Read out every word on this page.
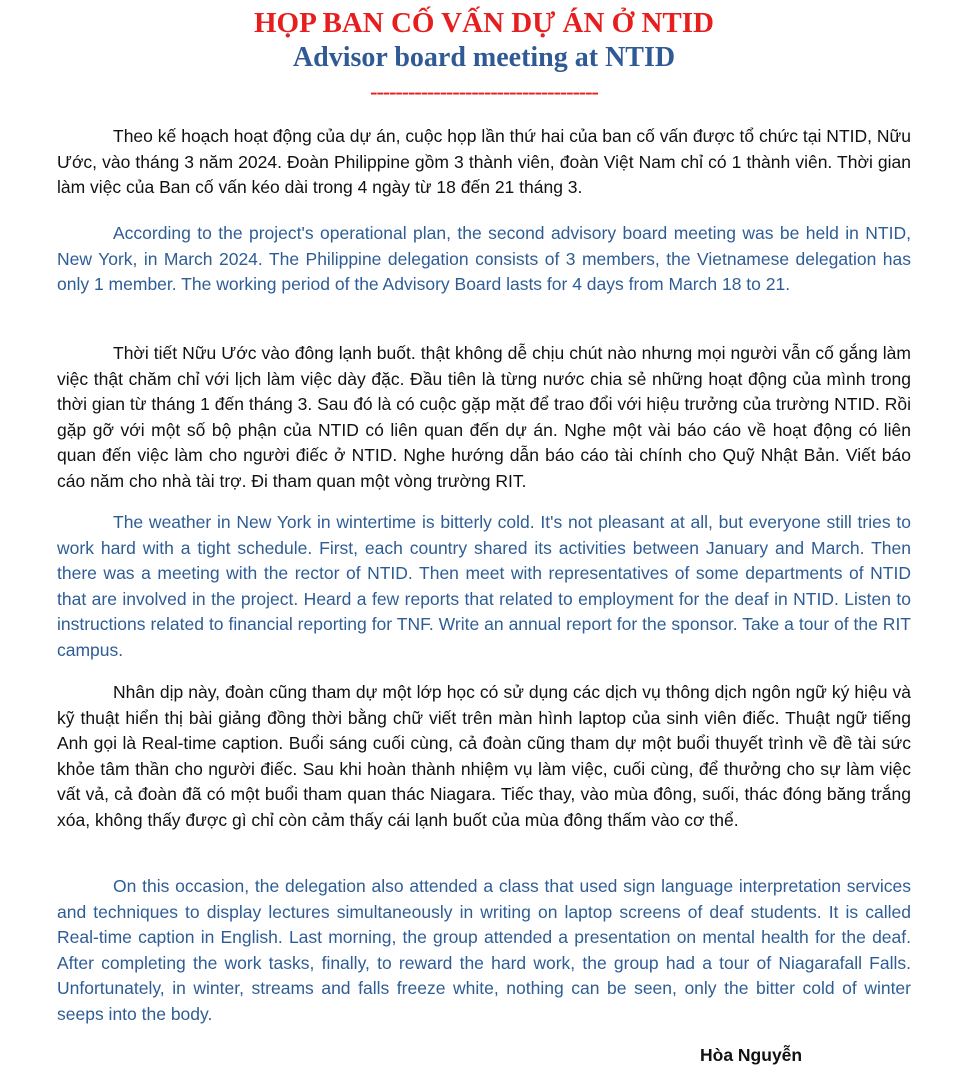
HỌP BAN CỐ VẤN DỰ ÁN Ở NTID
Advisor board meeting at NTID
------------------------------------

Theo kế hoạch hoạt động của dự án, cuộc họp lần thứ hai của ban cố vấn được tổ chức tại NTID, Nữu Ước, vào tháng 3 năm 2024. Đoàn Philippine gồm 3 thành viên, đoàn Việt Nam chỉ có 1 thành viên. Thời gian làm việc của Ban cố vấn kéo dài trong 4 ngày từ 18 đến 21 tháng 3.

According to the project's operational plan, the second advisory board meeting was be held in NTID, New York, in March 2024. The Philippine delegation consists of 3 members, the Vietnamese delegation has only 1 member. The working period of the Advisory Board lasts for 4 days from March 18 to 21.

Thời tiết Nữu Ước vào đông lạnh buốt. thật không dễ chịu chút nào nhưng mọi người vẫn cố gắng làm việc thật chăm chỉ với lịch làm việc dày đặc. Đầu tiên là từng nước chia sẻ những hoạt động của mình trong thời gian từ tháng 1 đến tháng 3. Sau đó là có cuộc gặp mặt để trao đổi với hiệu trưởng của trường NTID. Rồi gặp gỡ với một số bộ phận của NTID có liên quan đến dự án. Nghe một vài báo cáo về hoạt động có liên quan đến việc làm cho người điếc ở NTID. Nghe hướng dẫn báo cáo tài chính cho Quỹ Nhật Bản. Viết báo cáo năm cho nhà tài trợ. Đi tham quan một vòng trường RIT.

The weather in New York in wintertime is bitterly cold. It's not pleasant at all, but everyone still tries to work hard with a tight schedule. First, each country shared its activities between January and March. Then there was a meeting with the rector of NTID. Then meet with representatives of some departments of NTID that are involved in the project. Heard a few reports that related to employment for the deaf in NTID. Listen to instructions related to financial reporting for TNF. Write an annual report for the sponsor. Take a tour of the RIT campus.

Nhân dịp này, đoàn cũng tham dự một lớp học có sử dụng các dịch vụ thông dịch ngôn ngữ ký hiệu và kỹ thuật hiển thị bài giảng đồng thời bằng chữ viết trên màn hình laptop của sinh viên điếc. Thuật ngữ tiếng Anh gọi là Real-time caption. Buổi sáng cuối cùng, cả đoàn cũng tham dự một buổi thuyết trình về đề tài sức khỏe tâm thần cho người điếc. Sau khi hoàn thành nhiệm vụ làm việc, cuối cùng, để thưởng cho sự làm việc vất vả, cả đoàn đã có một buổi tham quan thác Niagara. Tiếc thay, vào mùa đông, suối, thác đóng băng trắng xóa, không thấy được gì chỉ còn cảm thấy cái lạnh buốt của mùa đông thấm vào cơ thể.

On this occasion, the delegation also attended a class that used sign language interpretation services and techniques to display lectures simultaneously in writing on laptop screens of deaf students. It is called Real-time caption in English. Last morning, the group attended a presentation on mental health for the deaf. After completing the work tasks, finally, to reward the hard work, the group had a tour of Niagarafall Falls. Unfortunately, in winter, streams and falls freeze white, nothing can be seen, only the bitter cold of winter seeps into the body.

Hòa Nguyễn
